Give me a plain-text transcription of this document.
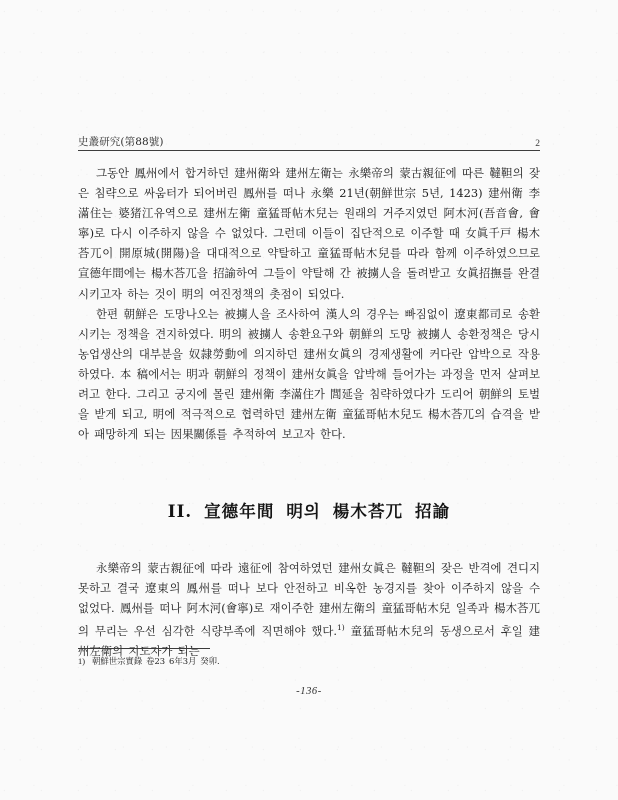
史叢研究(第88號)	2

그동안 鳳州에서 합거하던 建州衛와 建州左衛는 永樂帝의 蒙古親征에 따른 韃靼의 잦은 침략으로 싸움터가 되어버린 鳳州를 떠나 永樂 21년(朝鮮世宗 5년, 1423) 建州衛 李滿住는 婆猪江유역으로 建州左衛 童猛哥帖木兒는 원래의 거주지였던 阿木河(吾音會, 會寧)로 다시 이주하지 않을 수 없었다. 그런데 이들이 집단적으로 이주할 때 女眞千戸 楊木荅兀이 開原城(開陽)을 대대적으로 약탈하고 童猛哥帖木兒를 따라 함께 이주하였으므로 宣德年間에는 楊木荅兀을 招諭하여 그들이 약탈해 간 被擄人을 돌려받고 女眞招撫를 완결시키고자 하는 것이 明의 여진정책의 촛점이 되었다.

한편 朝鮮은 도망나오는 被擄人을 조사하여 漢人의 경우는 빠짐없이 遼東都司로 송환시키는 정책을 견지하였다. 明의 被擄人 송환요구와 朝鮮의 도망 被擄人 송환정책은 당시 농업생산의 대부분을 奴隷勞動에 의지하던 建州女眞의 경제생활에 커다란 압박으로 작용하였다. 本 稿에서는 明과 朝鮮의 정책이 建州女眞을 압박해 들어가는 과정을 먼저 살펴보려고 한다. 그리고 궁지에 몰린 建州衛 李滿住가 閭延을 침략하였다가 도리어 朝鮮의 토벌을 받게 되고, 明에 적극적으로 협력하던 建州左衛 童猛哥帖木兒도 楊木荅兀의 습격을 받아 패망하게 되는 因果關係를 추적하여 보고자 한다.

II. 宣德年間 明의 楊木荅兀 招諭

永樂帝의 蒙古親征에 따라 遠征에 참여하였던 建州女眞은 韃靼의 잦은 반격에 견디지 못하고 결국 遼東의 鳳州를 떠나 보다 안전하고 비옥한 농경지를 찾아 이주하지 않을 수 없었다. 鳳州를 떠나 阿木河(會寧)로 재이주한 建州左衛의 童猛哥帖木兒 일족과 楊木荅兀의 무리는 우선 심각한 식량부족에 직면해야 했다.$^{1)}$ 童猛哥帖木兒의 동생으로서 후일 建州左衛의 지도자가 되는

1) 朝鮮世宗實錄 卷23 6年3月 癸卯.
-136-
